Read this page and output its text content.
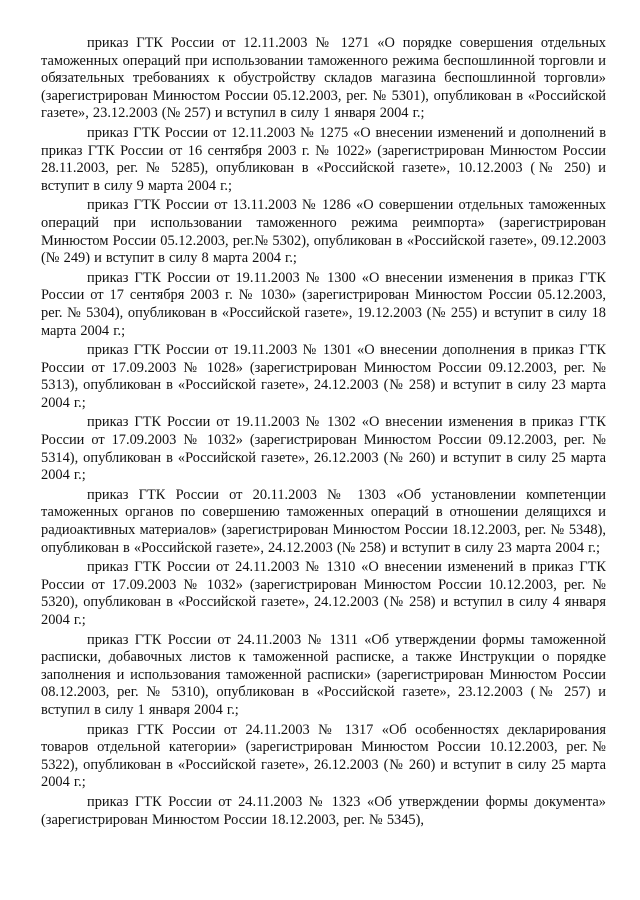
приказ ГТК России от 12.11.2003 № 1271 «О порядке совершения отдельных таможенных операций при использовании таможенного режима беспошлинной торговли и обязательных требованиях к обустройству складов магазина беспошлинной торговли» (зарегистрирован Минюстом России 05.12.2003, рег. № 5301), опубликован в «Российской газете», 23.12.2003 (№ 257) и вступил в силу 1 января 2004 г.;

приказ ГТК России от 12.11.2003 № 1275 «О внесении изменений и дополнений в приказ ГТК России от 16 сентября 2003 г. № 1022» (зарегистрирован Минюстом России 28.11.2003, рег. № 5285), опубликован в «Российской газете», 10.12.2003 (№ 250) и вступит в силу 9 марта 2004 г.;

приказ ГТК России от 13.11.2003 № 1286 «О совершении отдельных таможенных операций при использовании таможенного режима реимпорта» (зарегистрирован Минюстом России 05.12.2003, рег.№ 5302), опубликован в «Российской газете», 09.12.2003 (№ 249) и вступит в силу 8 марта 2004 г.;

приказ ГТК России от 19.11.2003 № 1300 «О внесении изменения в приказ ГТК России от 17 сентября 2003 г. № 1030» (зарегистрирован Минюстом России 05.12.2003, рег. № 5304), опубликован в «Российской газете», 19.12.2003 (№ 255) и вступит в силу 18 марта 2004 г.;

приказ ГТК России от 19.11.2003 № 1301 «О внесении дополнения в приказ ГТК России от 17.09.2003 № 1028» (зарегистрирован Минюстом России 09.12.2003, рег. № 5313), опубликован в «Российской газете», 24.12.2003 (№ 258) и вступит в силу 23 марта 2004 г.;

приказ ГТК России от 19.11.2003 № 1302 «О внесении изменения в приказ ГТК России от 17.09.2003 № 1032» (зарегистрирован Минюстом России 09.12.2003, рег. № 5314), опубликован в «Российской газете», 26.12.2003 (№ 260) и вступит в силу 25 марта 2004 г.;

приказ ГТК России от 20.11.2003 № 1303 «Об установлении компетенции таможенных органов по совершению таможенных операций в отношении делящихся и радиоактивных материалов» (зарегистрирован Минюстом России 18.12.2003, рег. № 5348), опубликован в «Российской газете», 24.12.2003 (№ 258) и вступит в силу 23 марта 2004 г.;

приказ ГТК России от 24.11.2003 № 1310 «О внесении изменений в приказ ГТК России от 17.09.2003 № 1032» (зарегистрирован Минюстом России 10.12.2003, рег. № 5320), опубликован в «Российской газете», 24.12.2003 (№ 258) и вступил в силу 4 января 2004 г.;

приказ ГТК России от 24.11.2003 № 1311 «Об утверждении формы таможенной расписки, добавочных листов к таможенной расписке, а также Инструкции о порядке заполнения и использования таможенной расписки» (зарегистрирован Минюстом России 08.12.2003, рег. № 5310), опубликован в «Российской газете», 23.12.2003 (№ 257) и вступил в силу 1 января 2004 г.;

приказ ГТК России от 24.11.2003 № 1317 «Об особенностях декларирования товаров отдельной категории» (зарегистрирован Минюстом России 10.12.2003, рег.№ 5322), опубликован в «Российской газете», 26.12.2003 (№ 260) и вступит в силу 25 марта 2004 г.;

приказ ГТК России от 24.11.2003 № 1323 «Об утверждении формы документа» (зарегистрирован Минюстом России 18.12.2003, рег. № 5345),
